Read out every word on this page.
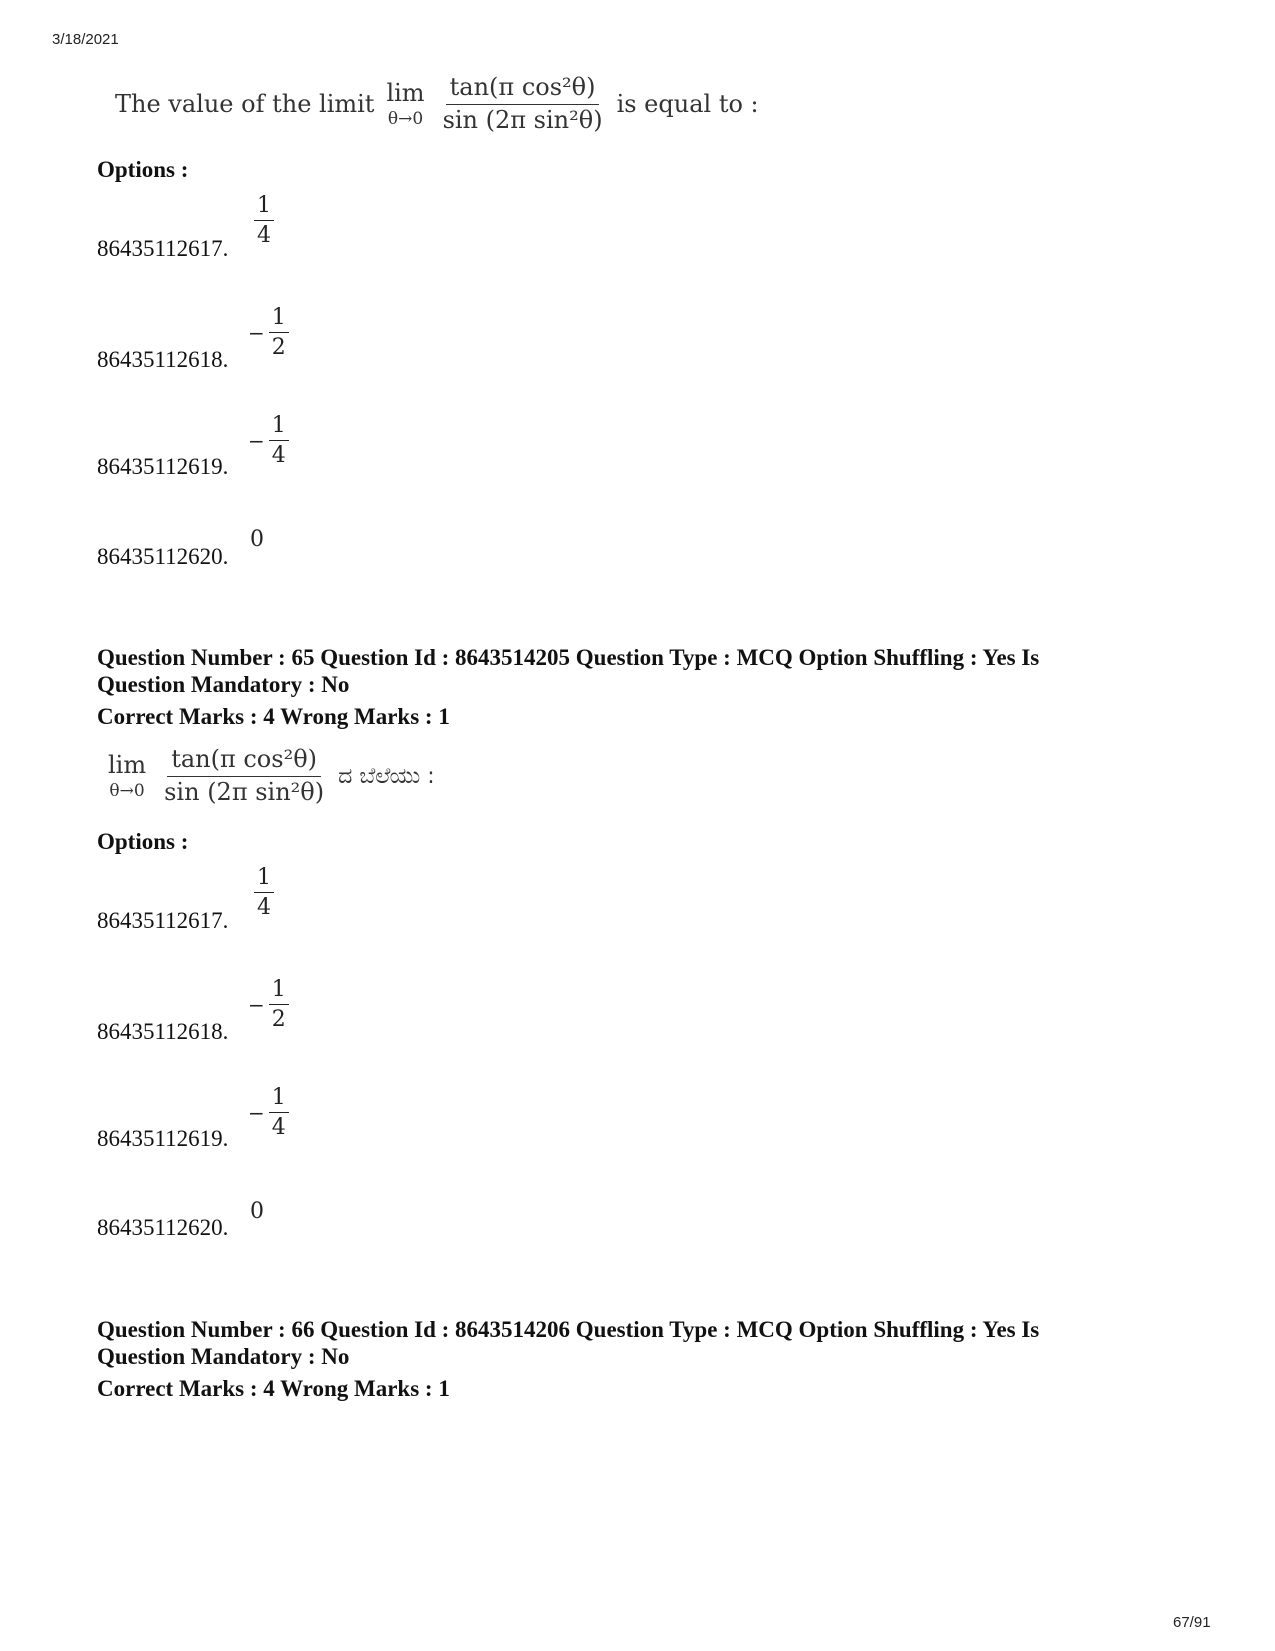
3/18/2021
67/91
The value of the limit lim
$\theta\to 0 \frac{\text{tan(π cos²θ)}}{\text{sin (2π sin²θ)}}$ is equal to :
Options :
$\frac{1}{4}$
86435112617.
− $\frac{1}{2}$
86435112618.
− $\frac{1}{4}$
86435112619.
0
86435112620.
Question Number : 65 Question Id : 8643514205 Question Type : MCQ Option Shuffling : Yes Is
Question Mandatory : No
Correct Marks : 4 Wrong Marks : 1
lim
$\theta\to 0 \frac{\text{tan(π cos²θ)}}{\text{sin (2π sin²θ)}}$ ದ ಬೆಲೆಯು :
Options :
$\frac{1}{4}$
86435112617.
− $\frac{1}{2}$
86435112618.
− $\frac{1}{4}$
86435112619.
0
86435112620.
Question Number : 66 Question Id : 8643514206 Question Type : MCQ Option Shuffling : Yes Is
Question Mandatory : No
Correct Marks : 4 Wrong Marks : 1
